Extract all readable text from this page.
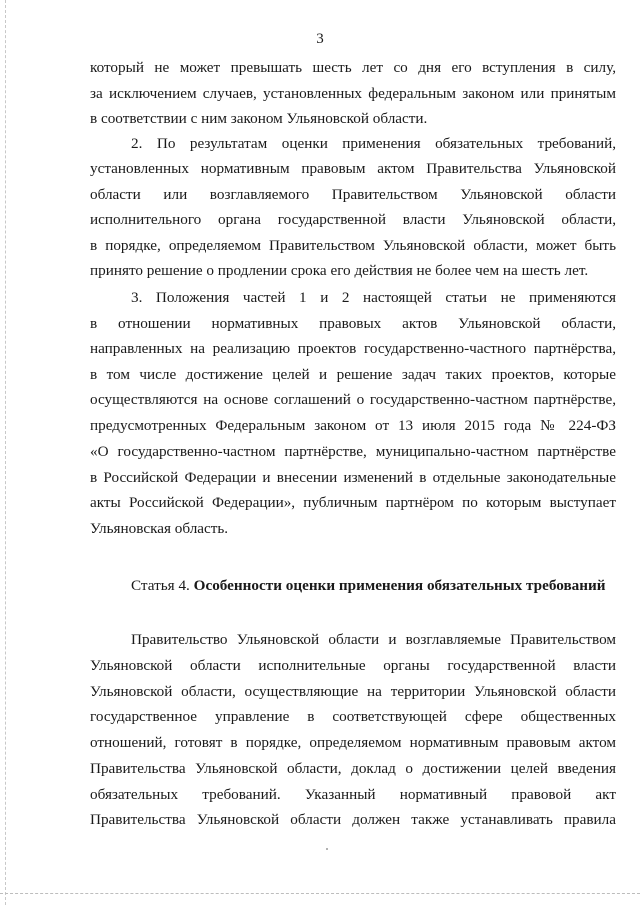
3
который не может превышать шесть лет со дня его вступления в силу,
за исключением случаев, установленных федеральным законом или принятым
в соответствии с ним законом Ульяновской области.
2. По результатам оценки применения обязательных требований,
установленных нормативным правовым актом Правительства Ульяновской
области или возглавляемого Правительством Ульяновской области
исполнительного органа государственной власти Ульяновской области,
в порядке, определяемом Правительством Ульяновской области, может быть
принято решение о продлении срока его действия не более чем на шесть лет.
3. Положения частей 1 и 2 настоящей статьи не применяются
в отношении нормативных правовых актов Ульяновской области,
направленных на реализацию проектов государственно-частного партнёрства,
в том числе достижение целей и решение задач таких проектов, которые
осуществляются на основе соглашений о государственно-частном партнёрстве,
предусмотренных Федеральным законом от 13 июля 2015 года № 224-ФЗ
«О государственно-частном партнёрстве, муниципально-частном партнёрстве
в Российской Федерации и внесении изменений в отдельные законодательные
акты Российской Федерации», публичным партнёром по которым выступает
Ульяновская область.
Статья 4. Особенности оценки применения обязательных требований
Правительство Ульяновской области и возглавляемые Правительством
Ульяновской области исполнительные органы государственной власти
Ульяновской области, осуществляющие на территории Ульяновской области
государственное управление в соответствующей сфере общественных
отношений, готовят в порядке, определяемом нормативным правовым актом
Правительства Ульяновской области, доклад о достижении целей введения
обязательных требований. Указанный нормативный правовой акт
Правительства Ульяновской области должен также устанавливать правила
